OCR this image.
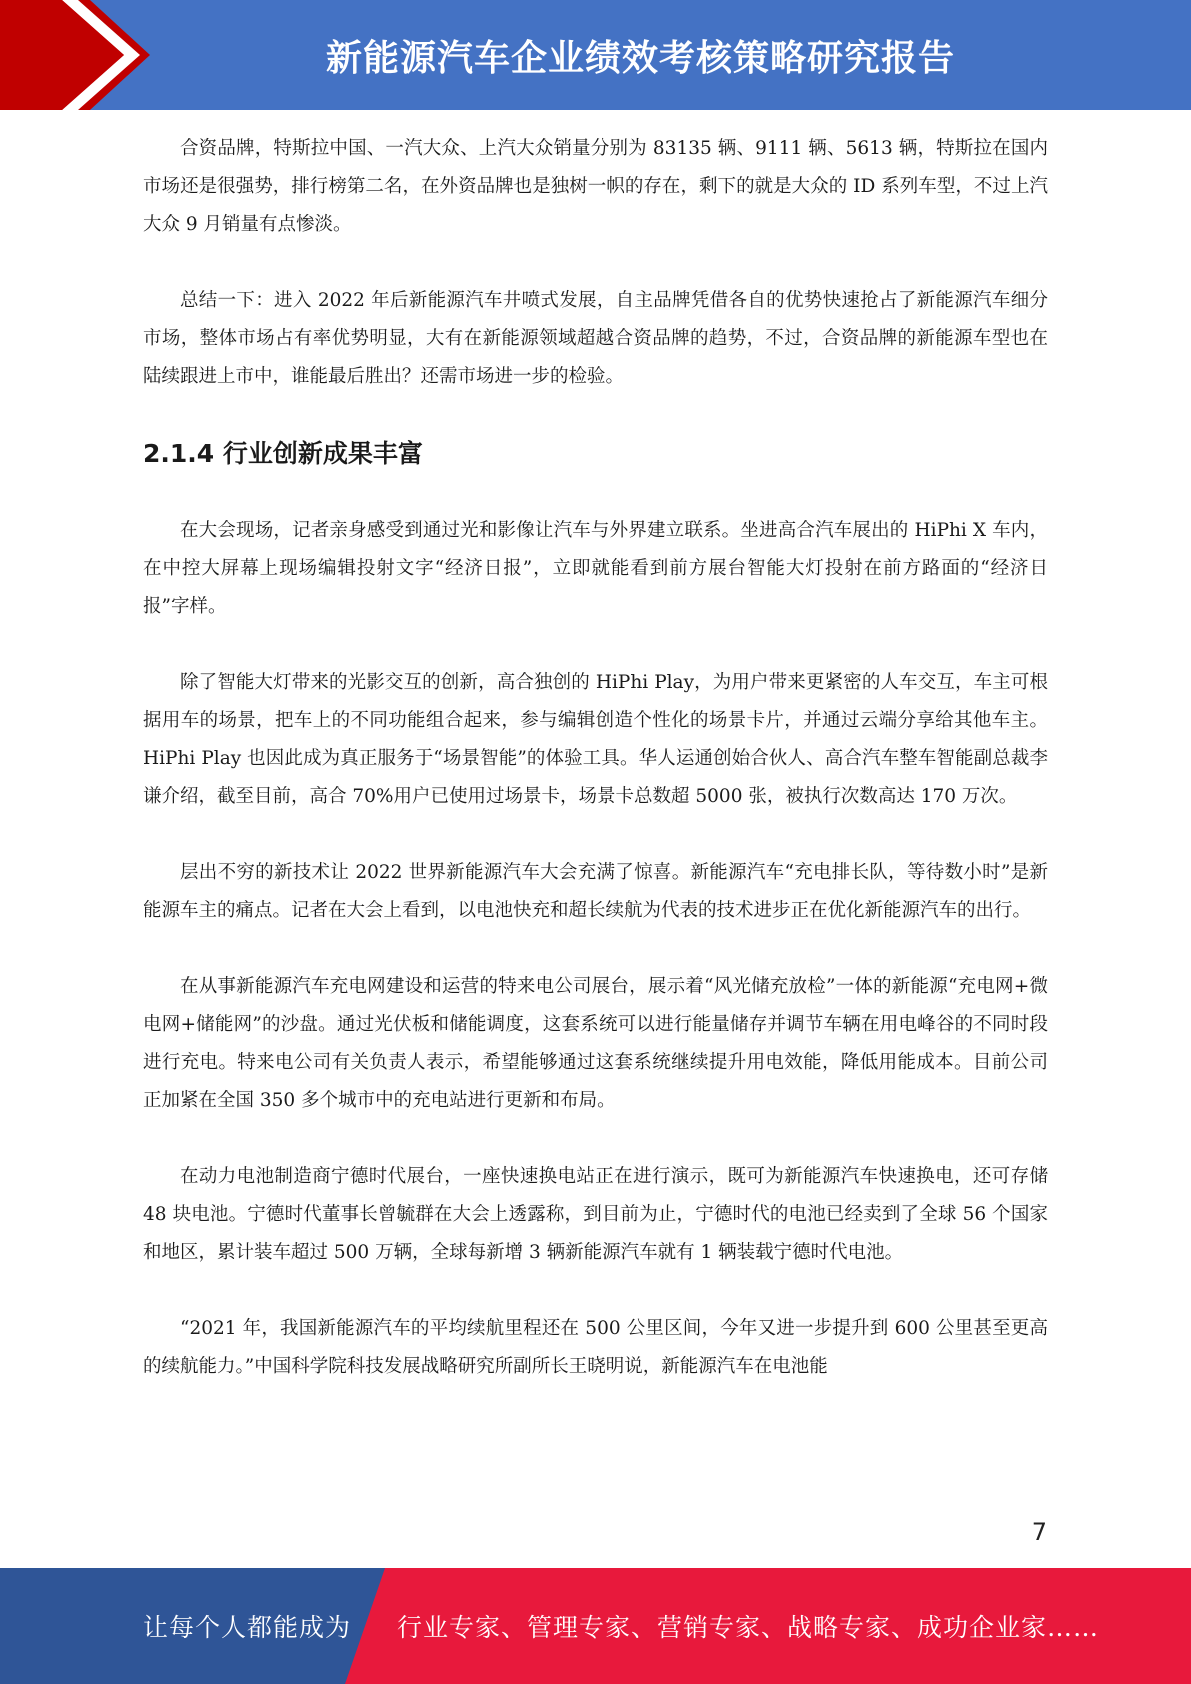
新能源汽车企业绩效考核策略研究报告

合资品牌，特斯拉中国、一汽大众、上汽大众销量分别为 83135 辆、9111 辆、5613 辆，特斯拉在国内市场还是很强势，排行榜第二名，在外资品牌也是独树一帜的存在，剩下的就是大众的 ID 系列车型，不过上汽大众 9 月销量有点惨淡。

总结一下：进入 2022 年后新能源汽车井喷式发展，自主品牌凭借各自的优势快速抢占了新能源汽车细分市场，整体市场占有率优势明显，大有在新能源领域超越合资品牌的趋势，不过，合资品牌的新能源车型也在陆续跟进上市中，谁能最后胜出？还需市场进一步的检验。

2.1.4 行业创新成果丰富

在大会现场，记者亲身感受到通过光和影像让汽车与外界建立联系。坐进高合汽车展出的 HiPhi X 车内，在中控大屏幕上现场编辑投射文字“经济日报”，立即就能看到前方展台智能大灯投射在前方路面的“经济日报”字样。

除了智能大灯带来的光影交互的创新，高合独创的 HiPhi Play，为用户带来更紧密的人车交互，车主可根据用车的场景，把车上的不同功能组合起来，参与编辑创造个性化的场景卡片，并通过云端分享给其他车主。HiPhi Play 也因此成为真正服务于“场景智能”的体验工具。华人运通创始合伙人、高合汽车整车智能副总裁李谦介绍，截至目前，高合 70%用户已使用过场景卡，场景卡总数超 5000 张，被执行次数高达 170 万次。

层出不穷的新技术让 2022 世界新能源汽车大会充满了惊喜。新能源汽车“充电排长队，等待数小时”是新能源车主的痛点。记者在大会上看到，以电池快充和超长续航为代表的技术进步正在优化新能源汽车的出行。

在从事新能源汽车充电网建设和运营的特来电公司展台，展示着“风光储充放检”一体的新能源“充电网+微电网+储能网”的沙盘。通过光伏板和储能调度，这套系统可以进行能量储存并调节车辆在用电峰谷的不同时段进行充电。特来电公司有关负责人表示，希望能够通过这套系统继续提升用电效能，降低用能成本。目前公司正加紧在全国 350 多个城市中的充电站进行更新和布局。

在动力电池制造商宁德时代展台，一座快速换电站正在进行演示，既可为新能源汽车快速换电，还可存储 48 块电池。宁德时代董事长曾毓群在大会上透露称，到目前为止，宁德时代的电池已经卖到了全球 56 个国家和地区，累计装车超过 500 万辆，全球每新增 3 辆新能源汽车就有 1 辆装载宁德时代电池。

“2021 年，我国新能源汽车的平均续航里程还在 500 公里区间，今年又进一步提升到 600 公里甚至更高的续航能力。”中国科学院科技发展战略研究所副所长王晓明说，新能源汽车在电池能

7
让每个人都能成为 行业专家、管理专家、营销专家、战略专家、成功企业家……
